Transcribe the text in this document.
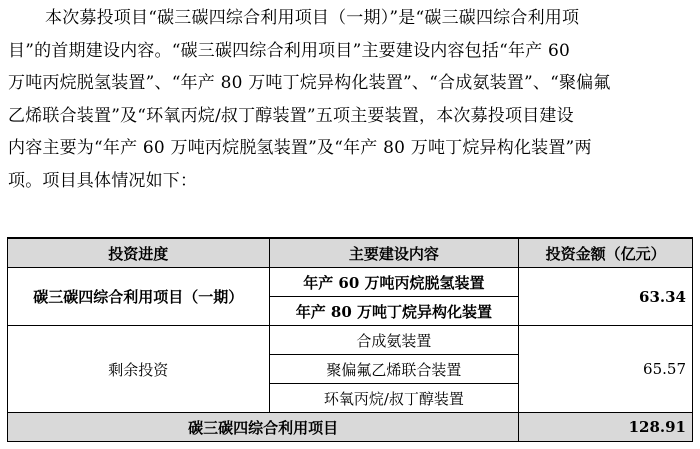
本次募投项目“碳三碳四综合利用项目（一期）”是“碳三碳四综合利用项
目”的首期建设内容。“碳三碳四综合利用项目”主要建设内容包括“年产 60
万吨丙烷脱氢装置”、“年产 80 万吨丁烷异构化装置”、“合成氨装置”、“聚偏氟
乙烯联合装置”及“环氧丙烷/叔丁醇装置”五项主要装置，本次募投项目建设
内容主要为“年产 60 万吨丙烷脱氢装置”及“年产 80 万吨丁烷异构化装置”两
项。项目具体情况如下：
投资进度	主要建设内容	投资金额（亿元）
碳三碳四综合利用项目（一期）	年产 60 万吨丙烷脱氢装置	63.34
	年产 80 万吨丁烷异构化装置	
剩余投资	合成氨装置	65.57
	聚偏氟乙烯联合装置	
	环氧丙烷/叔丁醇装置	
碳三碳四综合利用项目		128.91
